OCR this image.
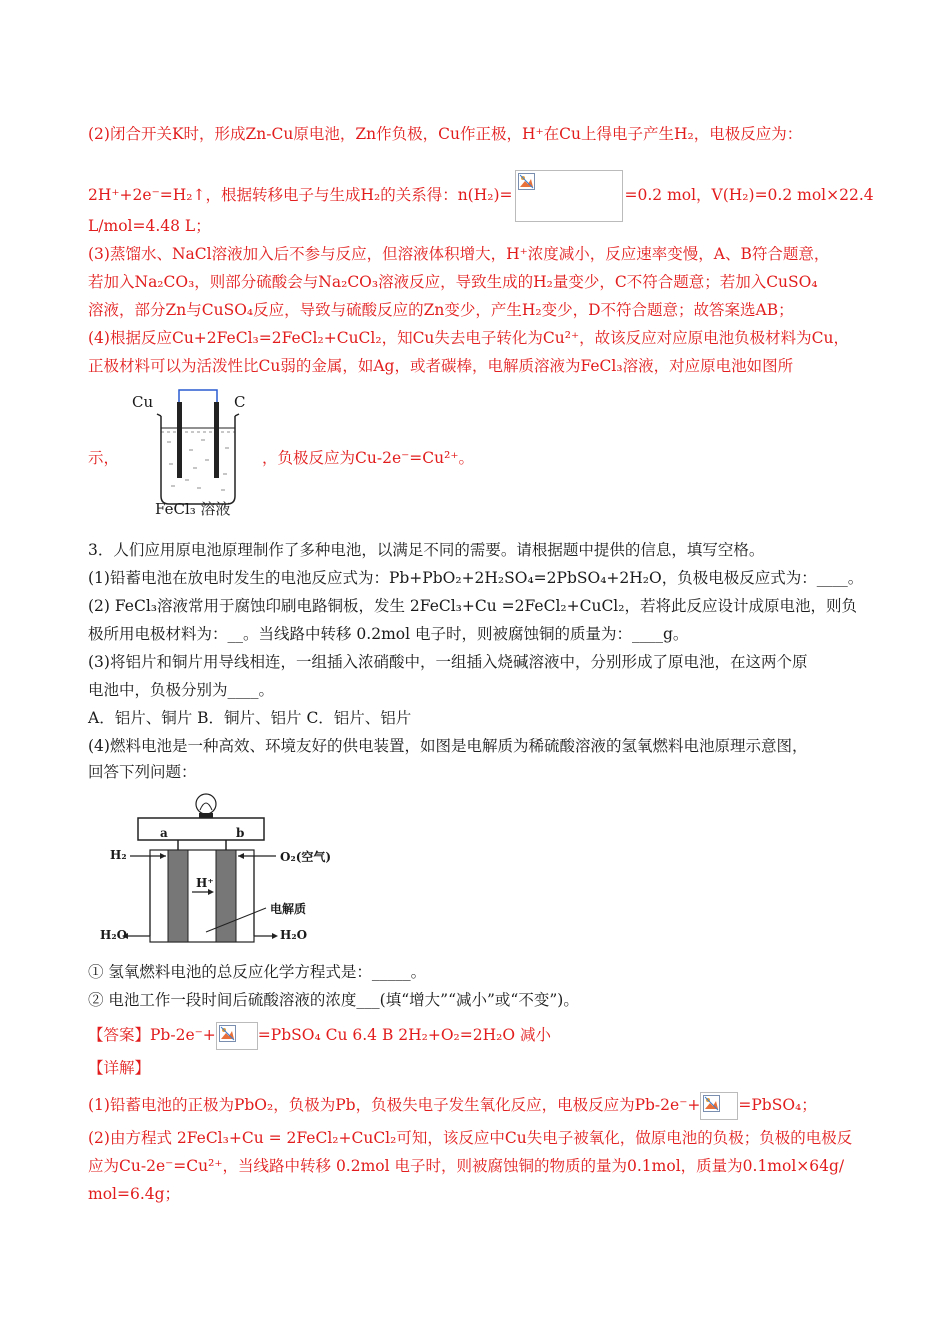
(2)闭合开关K时，形成Zn-Cu原电池，Zn作负极，Cu作正极，H⁺在Cu上得电子产生H₂，电极反应为：
2H⁺+2e⁻=H₂↑，根据转移电子与生成H₂的关系得：n(H₂)=	=0.2 mol，V(H₂)=0.2 mol×22.4
L/mol=4.48 L；
(3)蒸馏水、NaCl溶液加入后不参与反应，但溶液体积增大，H⁺浓度减小，反应速率变慢，A、B符合题意，
若加入Na₂CO₃，则部分硫酸会与Na₂CO₃溶液反应，导致生成的H₂量变少，C不符合题意；若加入CuSO₄
溶液，部分Zn与CuSO₄反应，导致与硫酸反应的Zn变少，产生H₂变少，D不符合题意；故答案选AB；
(4)根据反应Cu+2FeCl₃=2FeCl₂+CuCl₂，知Cu失去电子转化为Cu²⁺，故该反应对应原电池负极材料为Cu，
正极材料可以为活泼性比Cu弱的金属，如Ag，或者碳棒，电解质溶液为FeCl₃溶液，对应原电池如图所
示，	，负极反应为Cu-2e⁻=Cu²⁺。
Cu	C
FeCl₃ 溶液
3．人们应用原电池原理制作了多种电池，以满足不同的需要。请根据题中提供的信息，填写空格。
(1)铅蓄电池在放电时发生的电池反应式为：Pb+PbO₂+2H₂SO₄=2PbSO₄+2H₂O，负极电极反应式为：____。
(2) FeCl₃溶液常用于腐蚀印刷电路铜板，发生 2FeCl₃+Cu =2FeCl₂+CuCl₂，若将此反应设计成原电池，则负
极所用电极材料为：__。当线路中转移 0.2mol 电子时，则被腐蚀铜的质量为：____g。
(3)将铝片和铜片用导线相连，一组插入浓硝酸中，一组插入烧碱溶液中，分别形成了原电池，在这两个原
电池中，负极分别为____。
A．铝片、铜片 B．铜片、铝片 C．铝片、铝片
(4)燃料电池是一种高效、环境友好的供电装置，如图是电解质为稀硫酸溶液的氢氧燃料电池原理示意图，
回答下列问题：
a	b
H₂	O₂(空气)
H⁺
电解质
H₂O	H₂O
① 氢氧燃料电池的总反应化学方程式是：_____。
② 电池工作一段时间后硫酸溶液的浓度___(填“增大”“减小”或“不变”)。
【答案】Pb-2e⁻+	=PbSO₄ Cu 6.4 B 2H₂+O₂=2H₂O 减小
【详解】
(1)铅蓄电池的正极为PbO₂，负极为Pb，负极失电子发生氧化反应，电极反应为Pb-2e⁻+ =PbSO₄；
(2)由方程式 2FeCl₃+Cu = 2FeCl₂+CuCl₂可知，该反应中Cu失电子被氧化，做原电池的负极；负极的电极反
应为Cu-2e⁻=Cu²⁺，当线路中转移 0.2mol 电子时，则被腐蚀铜的物质的量为0.1mol，质量为0.1mol×64g/
mol=6.4g；
